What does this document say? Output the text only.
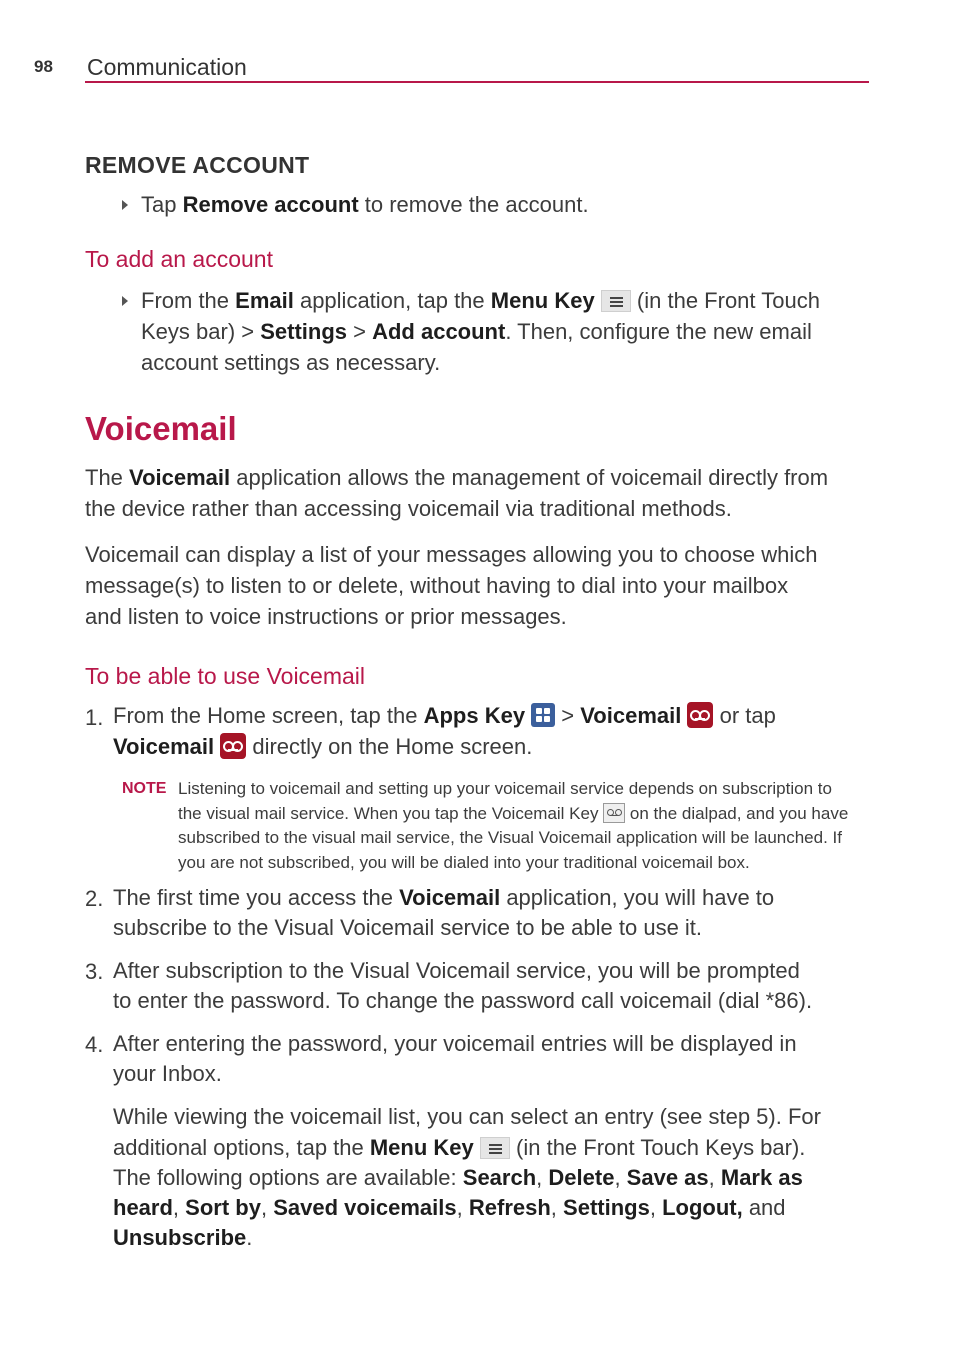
98 Communication
REMOVE ACCOUNT
Tap Remove account to remove the account.
To add an account
From the Email application, tap the Menu Key
(in the Front Touch
Keys bar) > Settings > Add account. Then, configure the new email
account settings as necessary.
Voicemail
The Voicemail application allows the management of voicemail directly from
the device rather than accessing voicemail via traditional methods.
Voicemail can display a list of your messages allowing you to choose which
message(s) to listen to or delete, without having to dial into your mailbox
and listen to voice instructions or prior messages.
To be able to use Voicemail
1. From the Home screen, tap the Apps Key
> Voicemail
or tap
Voicemail
directly on the Home screen.
NOTE Listening to voicemail and setting up your voicemail service depends on subscription to
the visual mail service. When you tap the Voicemail Key
on the dialpad, and you have
subscribed to the visual mail service, the Visual Voicemail application will be launched. If
you are not subscribed, you will be dialed into your traditional voicemail box.
2. The first time you access the Voicemail application, you will have to
subscribe to the Visual Voicemail service to be able to use it.
3. After subscription to the Visual Voicemail service, you will be prompted
to enter the password. To change the password call voicemail (dial *86).
4. After entering the password, your voicemail entries will be displayed in
your Inbox.
While viewing the voicemail list, you can select an entry (see step 5). For
additional options, tap the Menu Key
(in the Front Touch Keys bar).
The following options are available: Search, Delete, Save as, Mark as
heard, Sort by, Saved voicemails, Refresh, Settings, Logout, and
Unsubscribe.
